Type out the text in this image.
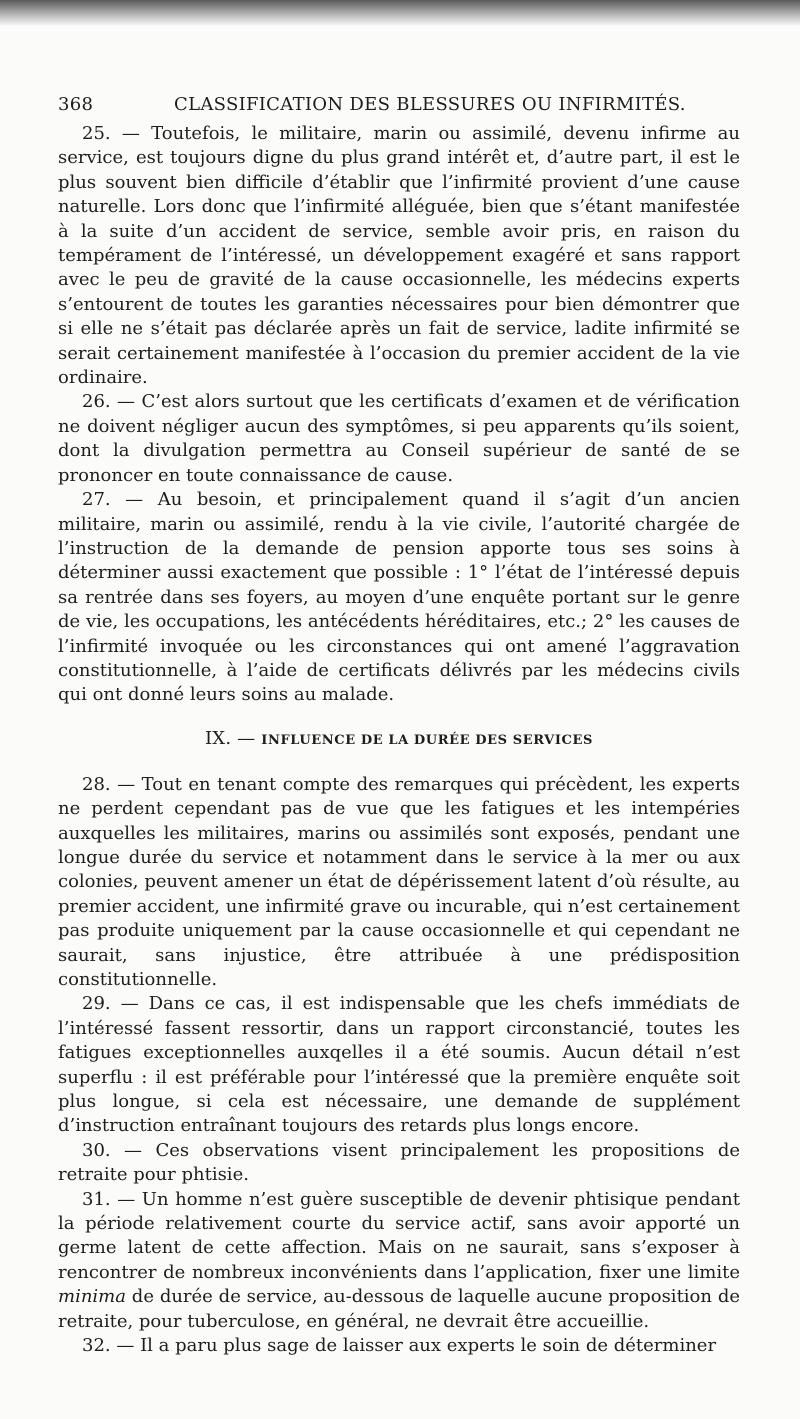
368	CLASSIFICATION DES BLESSURES OU INFIRMITÉS.

25. — Toutefois, le militaire, marin ou assimilé, devenu infirme au service, est toujours digne du plus grand intérêt et, d’autre part, il est le plus souvent bien difficile d’établir que l’infirmité provient d’une cause naturelle. Lors donc que l’infirmité alléguée, bien que s’étant manifestée à la suite d’un accident de service, semble avoir pris, en raison du tempérament de l’intéressé, un développement exagéré et sans rapport avec le peu de gravité de la cause occasionnelle, les médecins experts s’entourent de toutes les garanties nécessaires pour bien démontrer que si elle ne s’était pas déclarée après un fait de service, ladite infirmité se serait certainement manifestée à l’occasion du premier accident de la vie ordinaire.

26. — C’est alors surtout que les certificats d’examen et de vérification ne doivent négliger aucun des symptômes, si peu apparents qu’ils soient, dont la divulgation permettra au Conseil supérieur de santé de se prononcer en toute connaissance de cause.

27. — Au besoin, et principalement quand il s’agit d’un ancien militaire, marin ou assimilé, rendu à la vie civile, l’autorité chargée de l’instruction de la demande de pension apporte tous ses soins à déterminer aussi exactement que possible : 1° l’état de l’intéressé depuis sa rentrée dans ses foyers, au moyen d’une enquête portant sur le genre de vie, les occupations, les antécédents héréditaires, etc.; 2° les causes de l’infirmité invoquée ou les circonstances qui ont amené l’aggravation constitutionnelle, à l’aide de certificats délivrés par les médecins civils qui ont donné leurs soins au malade.

IX. — INFLUENCE DE LA DURÉE DES SERVICES

28. — Tout en tenant compte des remarques qui précèdent, les experts ne perdent cependant pas de vue que les fatigues et les intempéries auxquelles les militaires, marins ou assimilés sont exposés, pendant une longue durée du service et notamment dans le service à la mer ou aux colonies, peuvent amener un état de dépérissement latent d’où résulte, au premier accident, une infirmité grave ou incurable, qui n’est certainement pas produite uniquement par la cause occasionnelle et qui cependant ne saurait, sans injustice, être attribuée à une prédisposition constitutionnelle.

29. — Dans ce cas, il est indispensable que les chefs immédiats de l’intéressé fassent ressortir, dans un rapport circonstancié, toutes les fatigues exceptionnelles auxqelles il a été soumis. Aucun détail n’est superflu : il est préférable pour l’intéressé que la première enquête soit plus longue, si cela est nécessaire, une demande de supplément d’instruction entraînant toujours des retards plus longs encore.

30. — Ces observations visent principalement les propositions de retraite pour phtisie.

31. — Un homme n’est guère susceptible de devenir phtisique pendant la période relativement courte du service actif, sans avoir apporté un germe latent de cette affection. Mais on ne saurait, sans s’exposer à rencontrer de nombreux inconvénients dans l’application, fixer une limite minima de durée de service, au-dessous de laquelle aucune proposition de retraite, pour tuberculose, en général, ne devrait être accueillie.

32. — Il a paru plus sage de laisser aux experts le soin de déterminer
